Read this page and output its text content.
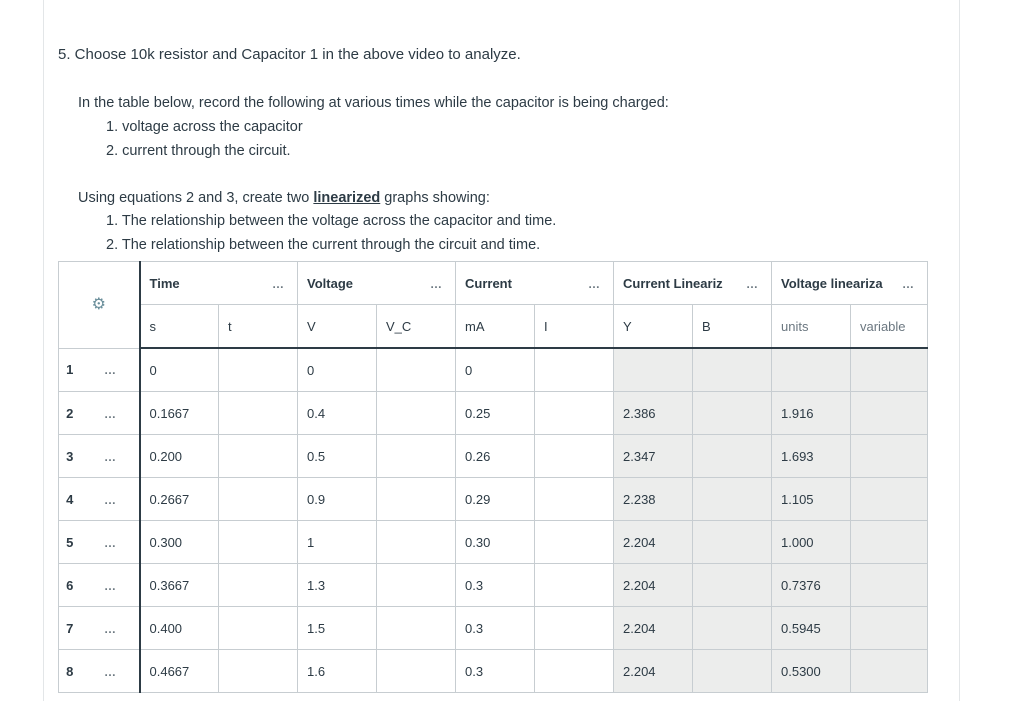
5. Choose 10k resistor and Capacitor 1 in the above video to analyze.
In the table below, record the following at various times while the capacitor is being charged:
1. voltage across the capacitor
2. current through the circuit.
Using equations 2 and 3, create two linearized graphs showing:
1. The relationship between the voltage across the capacitor and time.
2. The relationship between the current through the circuit and time.
⚙		Time	…	Voltage	…	Current	…	Current Lineariz	…	Voltage lineariza	…
		s	t	V	V_C	mA	I	Y	B	units	variable
1	…	0		0		0					
2	…	0.1667		0.4		0.25		2.386		1.916	
3	…	0.200		0.5		0.26		2.347		1.693	
4	…	0.2667		0.9		0.29		2.238		1.105	
5	…	0.300		1		0.30		2.204		1.000	
6	…	0.3667		1.3		0.3		2.204		0.7376	
7	…	0.400		1.5		0.3		2.204		0.5945	
8	…	0.4667		1.6		0.3		2.204		0.5300	
